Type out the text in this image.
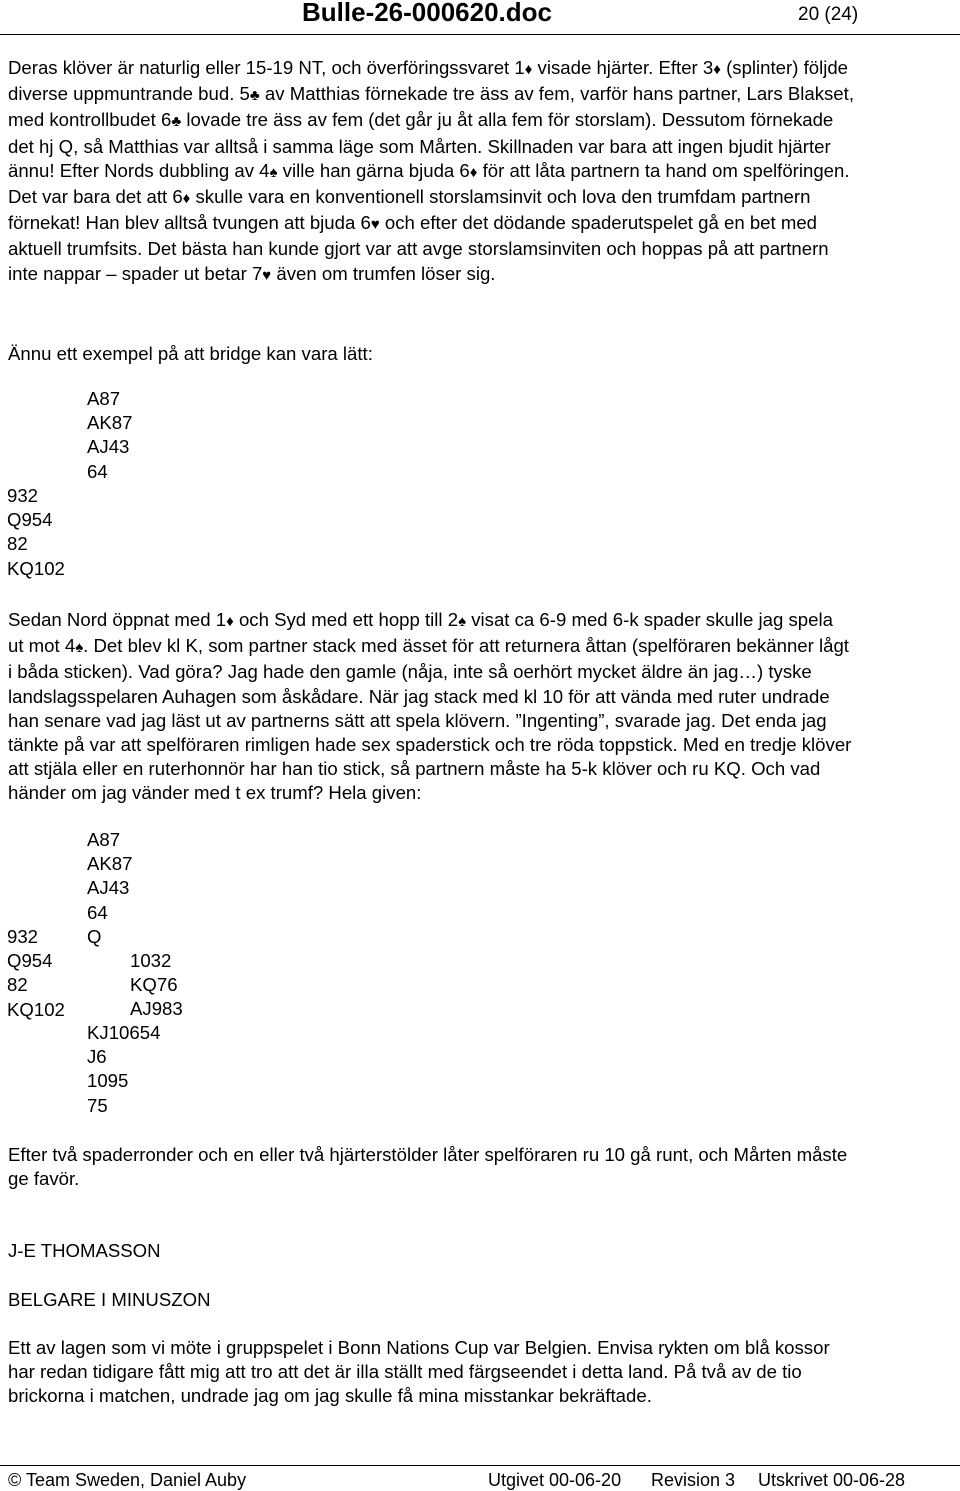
Bulle-26-000620.doc	20 (24)
Deras klöver är naturlig eller 15-19 NT, och överföringssvaret 1♦ visade hjärter. Efter 3♦ (splinter) följde
diverse uppmuntrande bud. 5♣ av Matthias förnekade tre äss av fem, varför hans partner, Lars Blakset,
med kontrollbudet 6♣ lovade tre äss av fem (det går ju åt alla fem för storslam). Dessutom förnekade
det hj Q, så Matthias var alltså i samma läge som Mårten. Skillnaden var bara att ingen bjudit hjärter
ännu! Efter Nords dubbling av 4♠ ville han gärna bjuda 6♦ för att låta partnern ta hand om spelföringen.
Det var bara det att 6♦ skulle vara en konventionell storslamsinvit och lova den trumfdam partnern
förnekat! Han blev alltså tvungen att bjuda 6♥ och efter det dödande spaderutspelet gå en bet med
aktuell trumfsits. Det bästa han kunde gjort var att avge storslamsinviten och hoppas på att partnern
inte nappar – spader ut betar 7♥ även om trumfen löser sig.
Ännu ett exempel på att bridge kan vara lätt:
A87
AK87
AJ43
64
932
Q954
82
KQ102
Sedan Nord öppnat med 1♦ och Syd med ett hopp till 2♠ visat ca 6-9 med 6-k spader skulle jag spela
ut mot 4♠. Det blev kl K, som partner stack med ässet för att returnera åttan (spelföraren bekänner lågt
i båda sticken). Vad göra? Jag hade den gamle (nåja, inte så oerhört mycket äldre än jag…) tyske
landslagsspelaren Auhagen som åskådare. När jag stack med kl 10 för att vända med ruter undrade
han senare vad jag läst ut av partnerns sätt att spela klövern. ”Ingenting”, svarade jag. Det enda jag
tänkte på var att spelföraren rimligen hade sex spaderstick och tre röda toppstick. Med en tredje klöver
att stjäla eller en ruterhonnör har han tio stick, så partnern måste ha 5-k klöver och ru KQ. Och vad
händer om jag vänder med t ex trumf? Hela given:
A87
AK87
AJ43
64
932
Q954
82
KQ102
Q
1032
KQ76
AJ983
KJ10654
J6
1095
75
Efter två spaderronder och en eller två hjärterstölder låter spelföraren ru 10 gå runt, och Mårten måste
ge favör.
J-E THOMASSON
BELGARE I MINUSZON
Ett av lagen som vi möte i gruppspelet i Bonn Nations Cup var Belgien. Envisa rykten om blå kossor
har redan tidigare fått mig att tro att det är illa ställt med färgseendet i detta land. På två av de tio
brickorna i matchen, undrade jag om jag skulle få mina misstankar bekräftade.
© Team Sweden, Daniel Auby	Utgivet 00-06-20 Revision 3 Utskrivet 00-06-28
